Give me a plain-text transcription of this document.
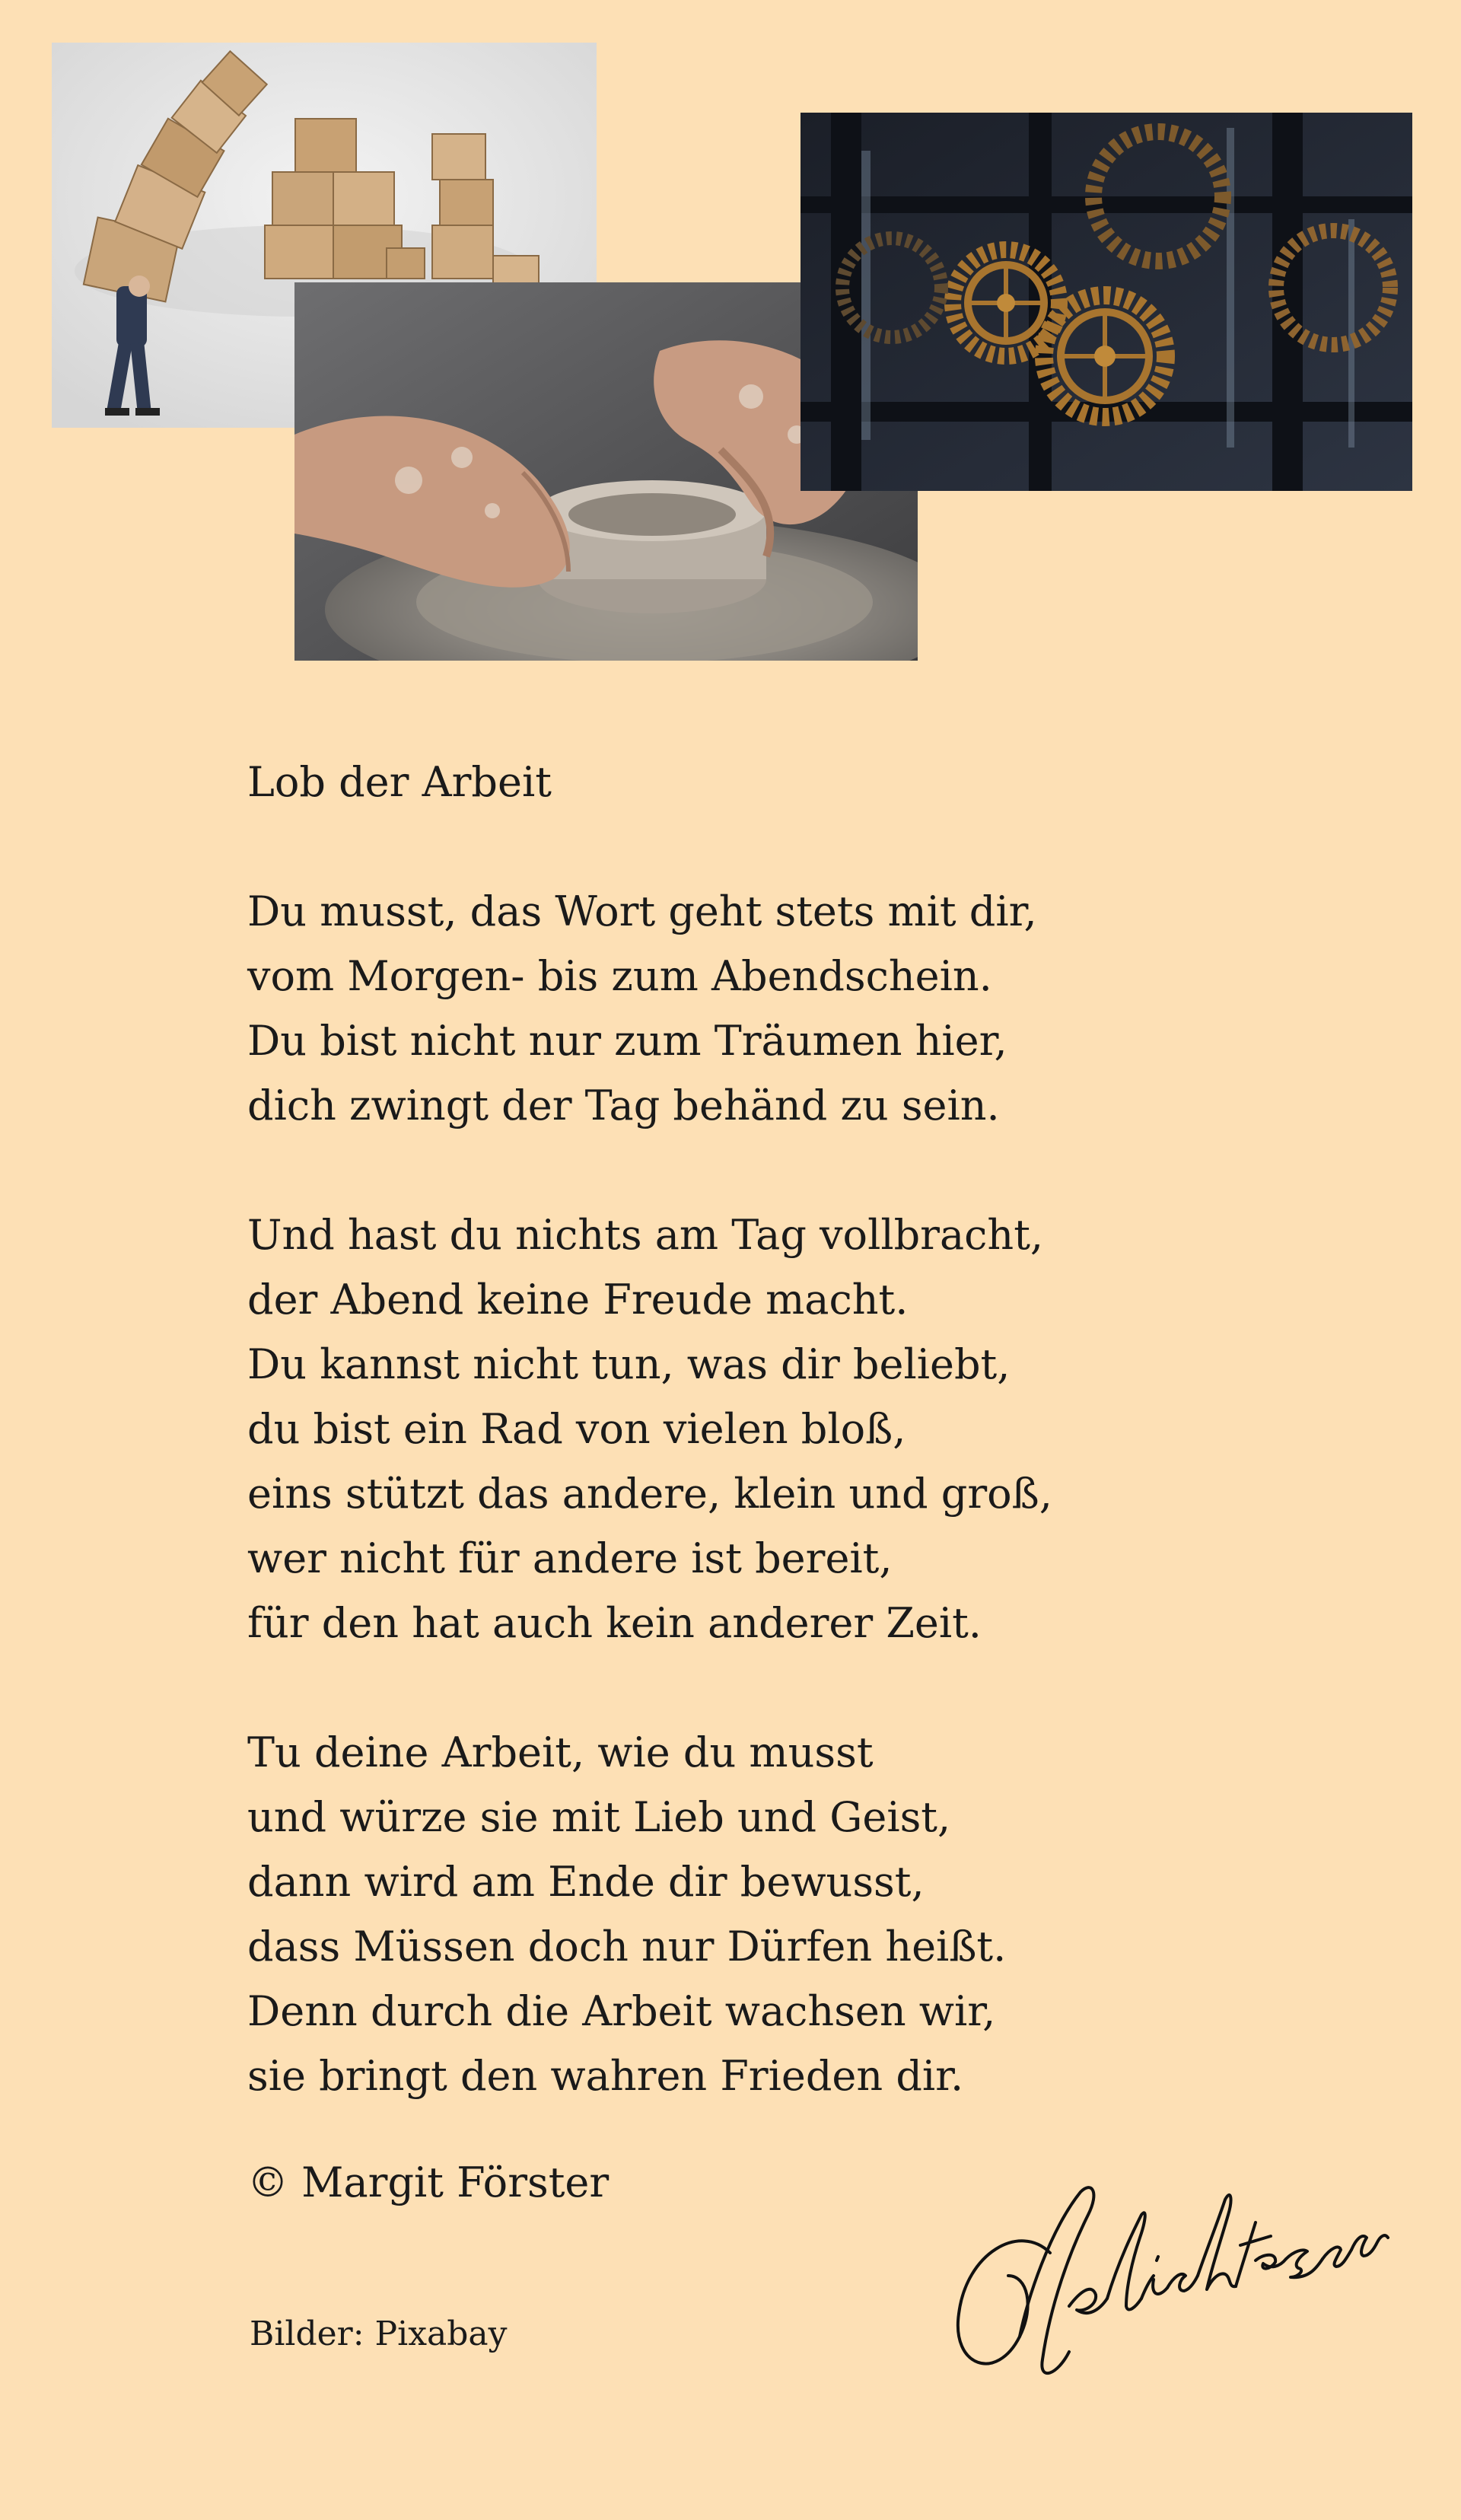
Lob der Arbeit
Du musst, das Wort geht stets mit dir,
vom Morgen- bis zum Abendschein.
Du bist nicht nur zum Träumen hier,
dich zwingt der Tag behänd zu sein.
Und hast du nichts am Tag vollbracht,
der Abend keine Freude macht.
Du kannst nicht tun, was dir beliebt,
du bist ein Rad von vielen bloß,
eins stützt das andere, klein und groß,
wer nicht für andere ist bereit,
für den hat auch kein anderer Zeit.
Tu deine Arbeit, wie du musst
und würze sie mit Lieb und Geist,
dann wird am Ende dir bewusst,
dass Müssen doch nur Dürfen heißt.
Denn durch die Arbeit wachsen wir,
sie bringt den wahren Frieden dir.
© Margit Förster
Bilder: Pixabay
